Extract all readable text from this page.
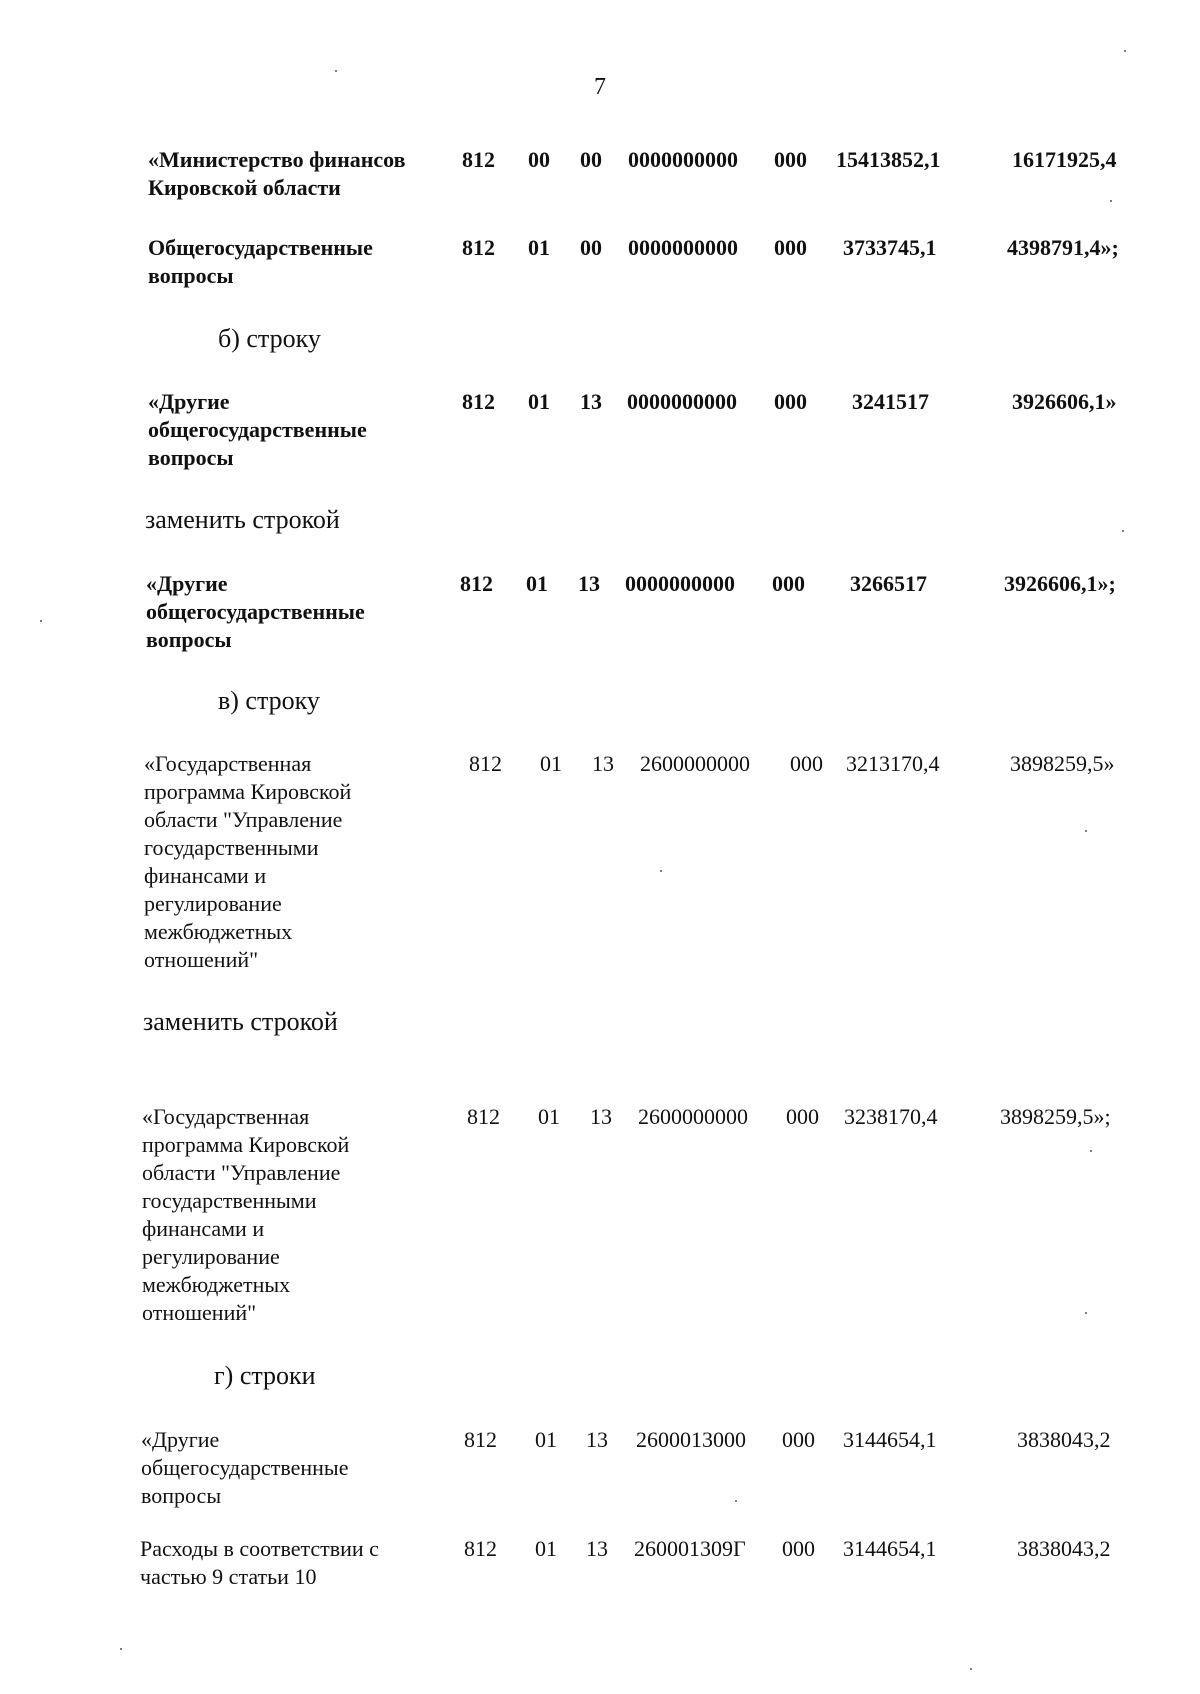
7
«Министерство финансов Кировской области
812 00 00 0000000000 000 15413852,1	16171925,4
Общегосударственные вопросы
812 01 00 0000000000 000 3733745,1	4398791,4»;
б) строку
«Другие общегосударственные вопросы
812 01 13 0000000000 000 3241517	3926606,1»
заменить строкой
«Другие общегосударственные вопросы
812 01 13 0000000000 000 3266517	3926606,1»;
в) строку
«Государственная программа Кировской области "Управление государственными финансами и регулирование межбюджетных отношений"
812 01 13 2600000000 000 3213170,4	3898259,5»
заменить строкой
«Государственная программа Кировской области "Управление государственными финансами и регулирование межбюджетных отношений"
812 01 13 2600000000 000 3238170,4	3898259,5»;
г) строки
«Другие общегосударственные вопросы
812 01 13 2600013000 000 3144654,1	3838043,2
Расходы в соответствии с частью 9 статьи 10
812 01 13 260001309Г 000 3144654,1	3838043,2
